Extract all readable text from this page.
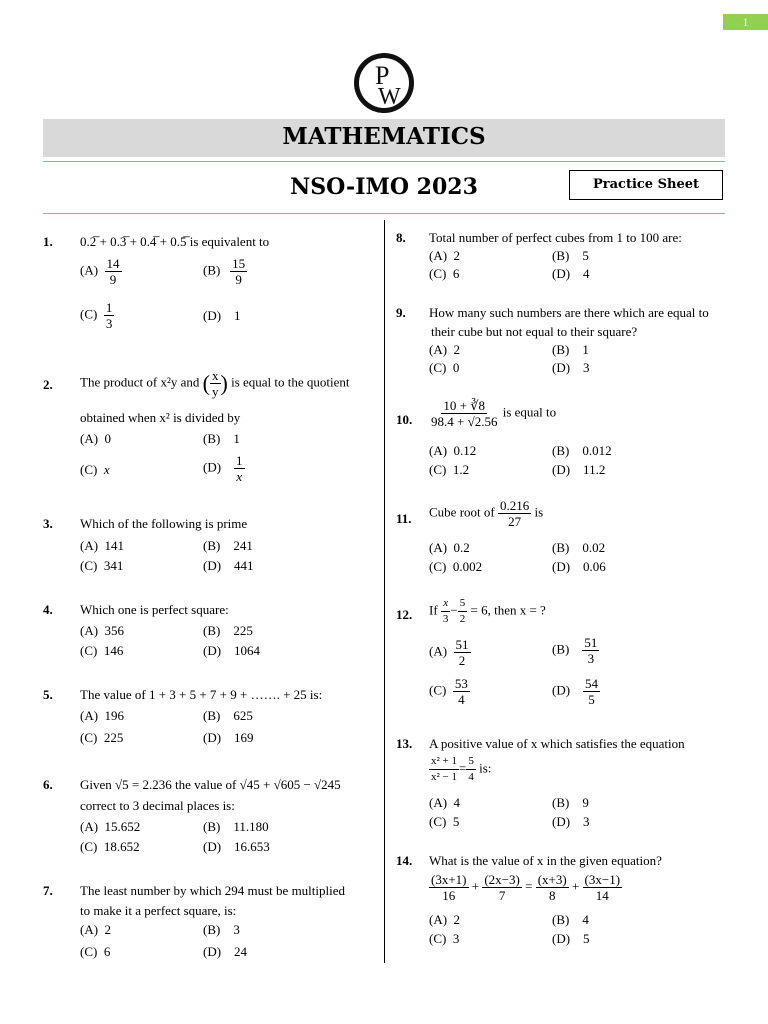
1
P
W
MATHEMATICS
NSO-IMO 2023	Practice Sheet
1. 0.2̅ + 0.3̅ + 0.4̅ + 0.5̅ is equivalent to
$(A) \frac{14}{9}$	$(B) \frac{15}{9}$
$(C) \frac{1}{3}$	(D) 1
2. The product of x²y and ( $\frac{x}{y}$ ) is equal to the quotient
obtained when x² is divided by
(A) 0	(B) 1
(C) x	$(D) \frac{1}{x}$
3. Which of the following is prime
(A) 141	(B) 241
(C) 341	(D) 441
4. Which one is perfect square:
(A) 356	(B) 225
(C) 146	(D) 1064
5. The value of 1 + 3 + 5 + 7 + 9 + ……. + 25 is:
(A) 196	(B) 625
(C) 225	(D) 169
6. Given √5 = 2.236 the value of √45 + √605 − √245
correct to 3 decimal places is:
(A) 15.652	(B) 11.180
(C) 18.652	(D) 16.653
7. The least number by which 294 must be multiplied
to make it a perfect square, is:
(A) 2	(B) 3
(C) 6	(D) 24
8. Total number of perfect cubes from 1 to 100 are:
(A) 2	(B) 5
(C) 6	(D) 4
9. How many such numbers are there which are equal to
their cube but not equal to their square?
(A) 2	(B) 1
(C) 0	(D) 3
10. $\frac{10 + ∛8}{98.4 + √2.56}$ is equal to
(A) 0.12	(B) 0.012
(C) 1.2	(D) 11.2
11. Cube root of $\frac{0.216}{27}$ is
(A) 0.2	(B) 0.02
(C) 0.002	(D) 0.06
12. If $\frac{x}{3} - \frac{5}{2} = 6$, then x = ?
$(A) \frac{51}{2}$	$(B) \frac{51}{3}$
$(C) \frac{53}{4}$	$(D) \frac{54}{5}$
13. A positive value of x which satisfies the equation
$\frac{\text{x² + 1}}{\text{x² − 1}} = \frac{5}{4}$ is:
(A) 4	(B) 9
(C) 5	(D) 3
14. What is the value of x in the given equation?
$\frac{(3x+1)}{16} + \frac{(2x-3)}{7} = \frac{(x+3)}{8} + \frac{(3x-1)}{14}$
(A) 2	(B) 4
(C) 3	(D) 5
